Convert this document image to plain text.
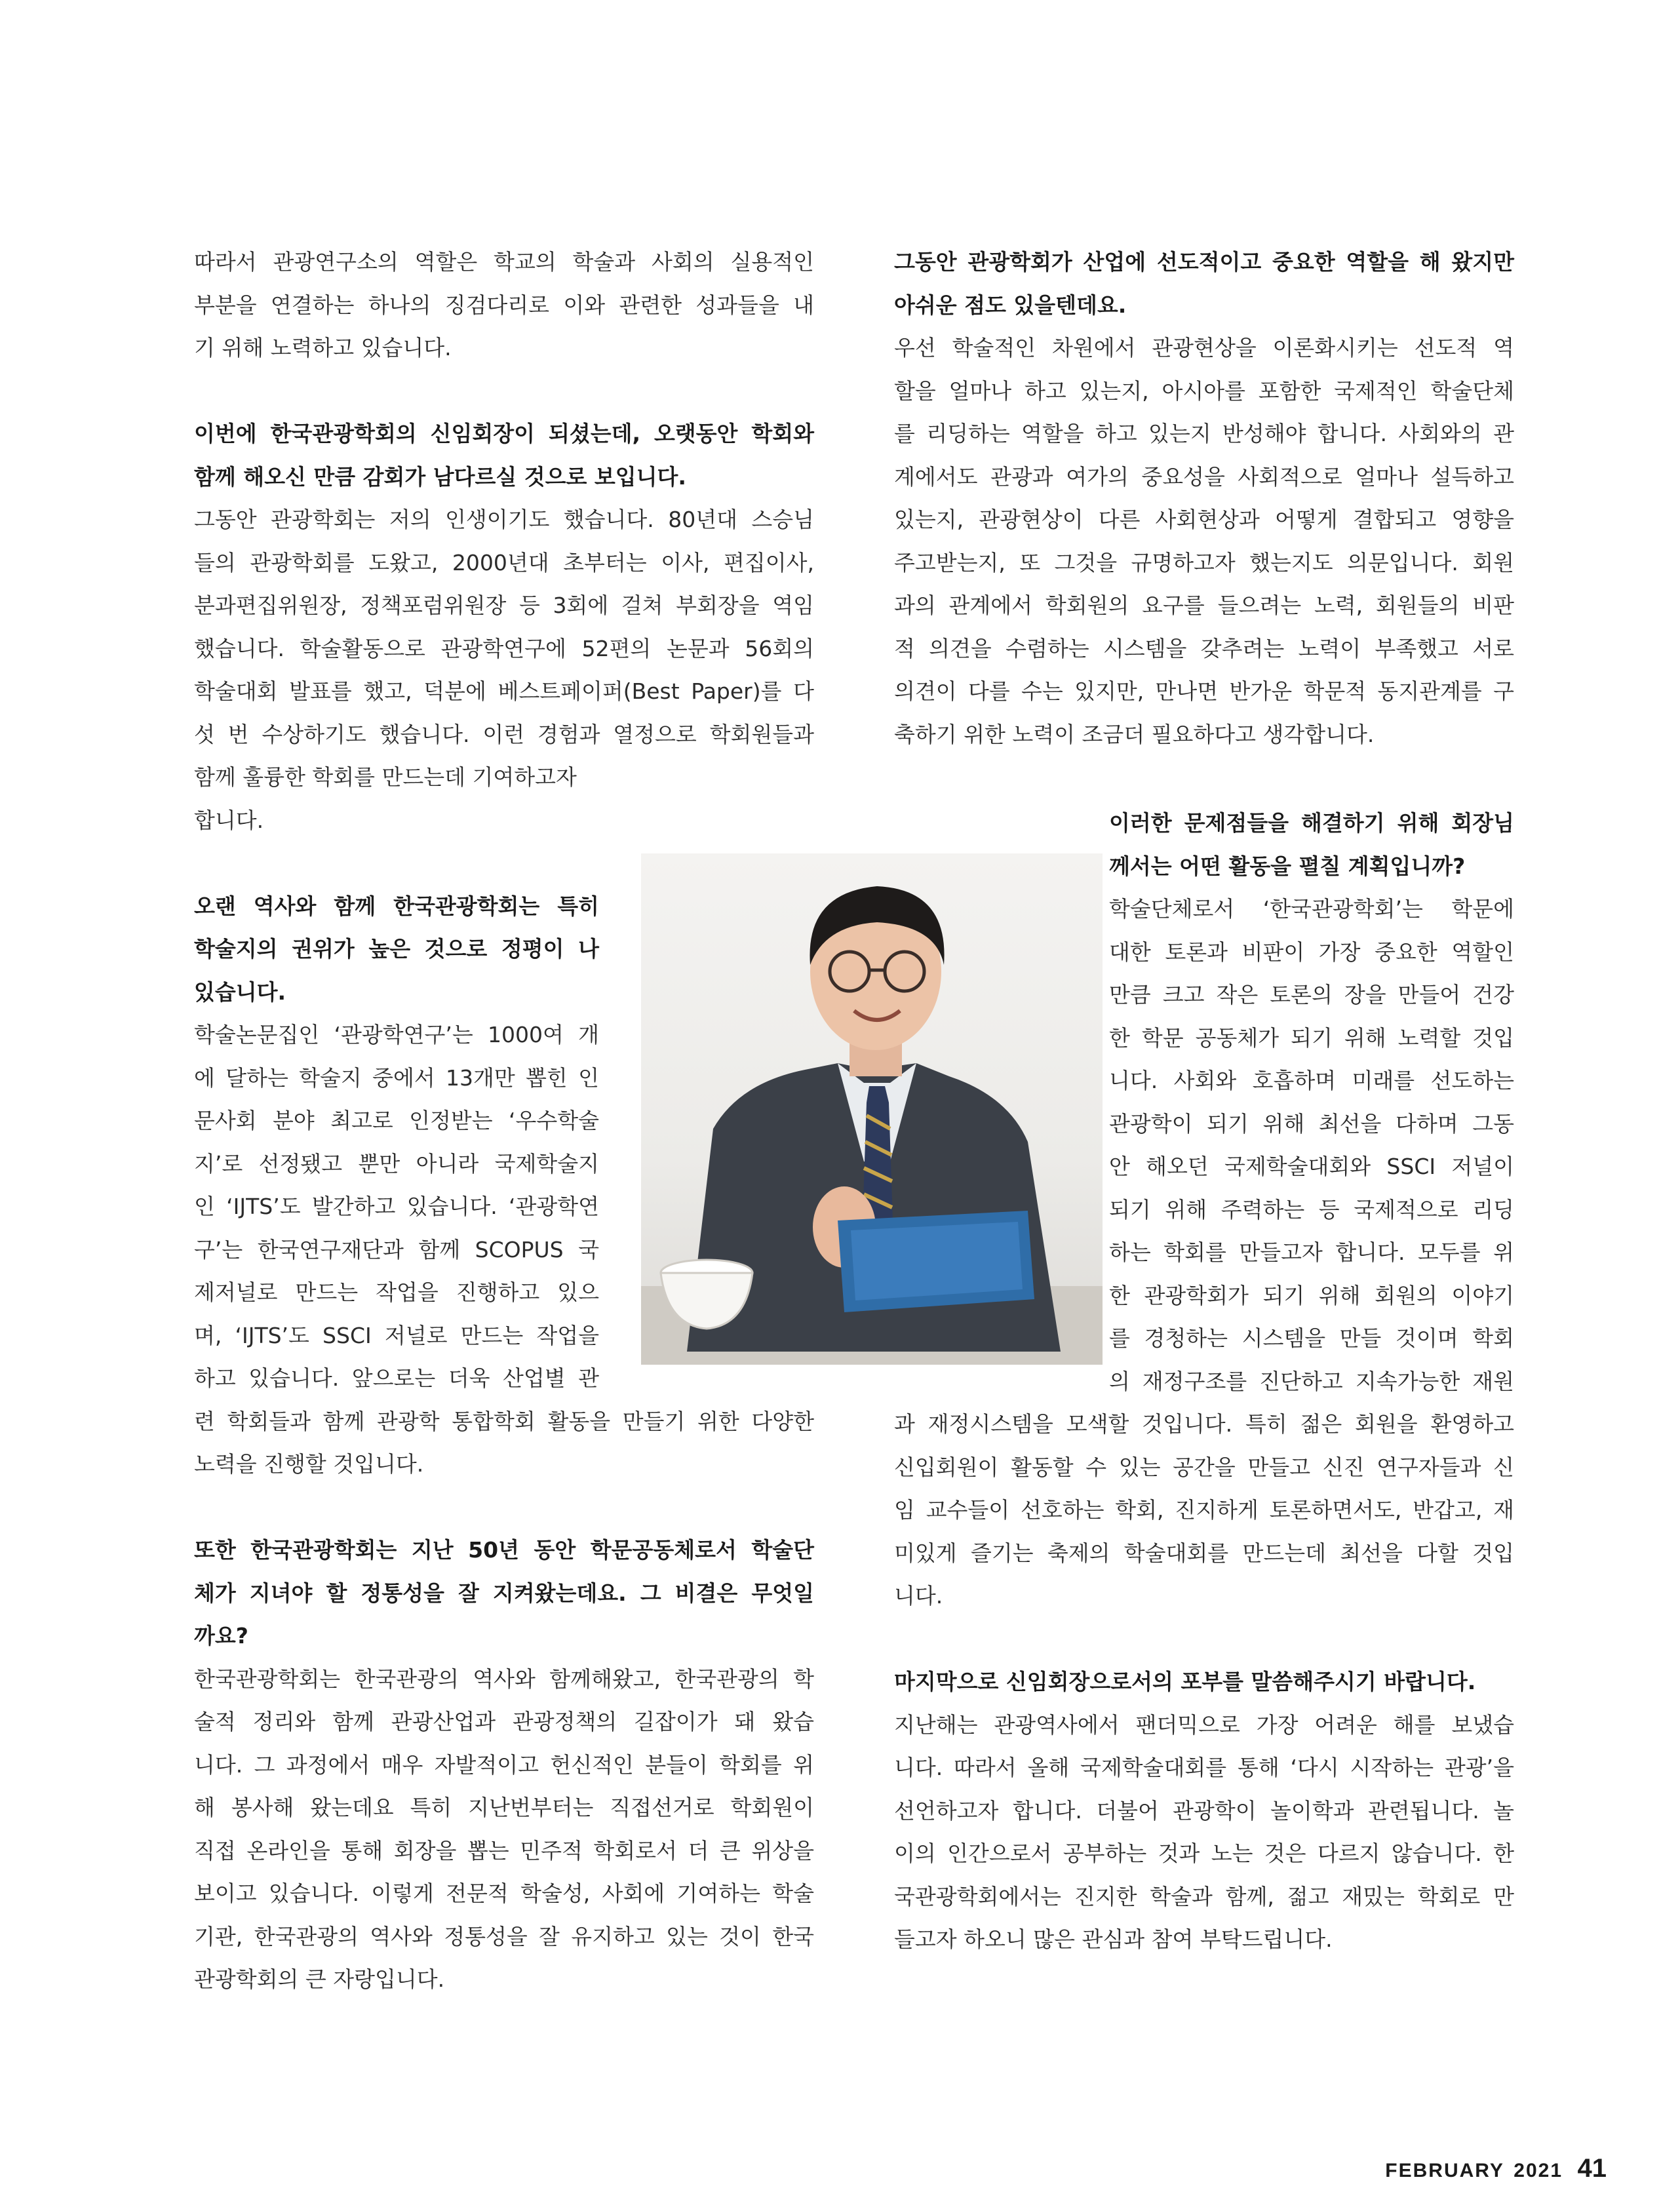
따라서 관광연구소의 역할은 학교의 학술과 사회의 실용적인
부분을 연결하는 하나의 징검다리로 이와 관련한 성과들을 내
기 위해 노력하고 있습니다.
이번에 한국관광학회의 신임회장이 되셨는데, 오랫동안 학회와
함께 해오신 만큼 감회가 남다르실 것으로 보입니다.
그동안 관광학회는 저의 인생이기도 했습니다. 80년대 스승님
들의 관광학회를 도왔고, 2000년대 초부터는 이사, 편집이사,
분과편집위원장, 정책포럼위원장 등 3회에 걸쳐 부회장을 역임
했습니다. 학술활동으로 관광학연구에 52편의 논문과 56회의
학술대회 발표를 했고, 덕분에 베스트페이퍼(Best Paper)를 다
섯 번 수상하기도 했습니다. 이런 경험과 열정으로 학회원들과
함께 훌륭한 학회를 만드는데 기여하고자
합니다.
오랜 역사와 함께 한국관광학회는 특히
학술지의 권위가 높은 것으로 정평이 나
있습니다.
학술논문집인 ‘관광학연구’는 1000여 개
에 달하는 학술지 중에서 13개만 뽑힌 인
문사회 분야 최고로 인정받는 ‘우수학술
지’로 선정됐고 뿐만 아니라 국제학술지
인 ‘IJTS’도 발간하고 있습니다. ‘관광학연
구’는 한국연구재단과 함께 SCOPUS 국
제저널로 만드는 작업을 진행하고 있으
며, ‘IJTS’도 SSCI 저널로 만드는 작업을
하고 있습니다. 앞으로는 더욱 산업별 관
련 학회들과 함께 관광학 통합학회 활동을 만들기 위한 다양한
노력을 진행할 것입니다.
또한 한국관광학회는 지난 50년 동안 학문공동체로서 학술단
체가 지녀야 할 정통성을 잘 지켜왔는데요. 그 비결은 무엇일
까요?
한국관광학회는 한국관광의 역사와 함께해왔고, 한국관광의 학
술적 정리와 함께 관광산업과 관광정책의 길잡이가 돼 왔습
니다. 그 과정에서 매우 자발적이고 헌신적인 분들이 학회를 위
해 봉사해 왔는데요 특히 지난번부터는 직접선거로 학회원이
직접 온라인을 통해 회장을 뽑는 민주적 학회로서 더 큰 위상을
보이고 있습니다. 이렇게 전문적 학술성, 사회에 기여하는 학술
기관, 한국관광의 역사와 정통성을 잘 유지하고 있는 것이 한국
관광학회의 큰 자랑입니다.
그동안 관광학회가 산업에 선도적이고 중요한 역할을 해 왔지만
아쉬운 점도 있을텐데요.
우선 학술적인 차원에서 관광현상을 이론화시키는 선도적 역
할을 얼마나 하고 있는지, 아시아를 포함한 국제적인 학술단체
를 리딩하는 역할을 하고 있는지 반성해야 합니다. 사회와의 관
계에서도 관광과 여가의 중요성을 사회적으로 얼마나 설득하고
있는지, 관광현상이 다른 사회현상과 어떻게 결합되고 영향을
주고받는지, 또 그것을 규명하고자 했는지도 의문입니다. 회원
과의 관계에서 학회원의 요구를 들으려는 노력, 회원들의 비판
적 의견을 수렴하는 시스템을 갖추려는 노력이 부족했고 서로
의견이 다를 수는 있지만, 만나면 반가운 학문적 동지관계를 구
축하기 위한 노력이 조금더 필요하다고 생각합니다.
이러한 문제점들을 해결하기 위해 회장님
께서는 어떤 활동을 펼칠 계획입니까?
학술단체로서 ‘한국관광학회’는 학문에
대한 토론과 비판이 가장 중요한 역할인
만큼 크고 작은 토론의 장을 만들어 건강
한 학문 공동체가 되기 위해 노력할 것입
니다. 사회와 호흡하며 미래를 선도하는
관광학이 되기 위해 최선을 다하며 그동
안 해오던 국제학술대회와 SSCI 저널이
되기 위해 주력하는 등 국제적으로 리딩
하는 학회를 만들고자 합니다. 모두를 위
한 관광학회가 되기 위해 회원의 이야기
를 경청하는 시스템을 만들 것이며 학회
의 재정구조를 진단하고 지속가능한 재원
과 재정시스템을 모색할 것입니다. 특히 젊은 회원을 환영하고
신입회원이 활동할 수 있는 공간을 만들고 신진 연구자들과 신
임 교수들이 선호하는 학회, 진지하게 토론하면서도, 반갑고, 재
미있게 즐기는 축제의 학술대회를 만드는데 최선을 다할 것입
니다.
마지막으로 신임회장으로서의 포부를 말씀해주시기 바랍니다.
지난해는 관광역사에서 팬더믹으로 가장 어려운 해를 보냈습
니다. 따라서 올해 국제학술대회를 통해 ‘다시 시작하는 관광’을
선언하고자 합니다. 더불어 관광학이 놀이학과 관련됩니다. 놀
이의 인간으로서 공부하는 것과 노는 것은 다르지 않습니다. 한
국관광학회에서는 진지한 학술과 함께, 젊고 재밌는 학회로 만
들고자 하오니 많은 관심과 참여 부탁드립니다.
FEBRUARY 2021 41
